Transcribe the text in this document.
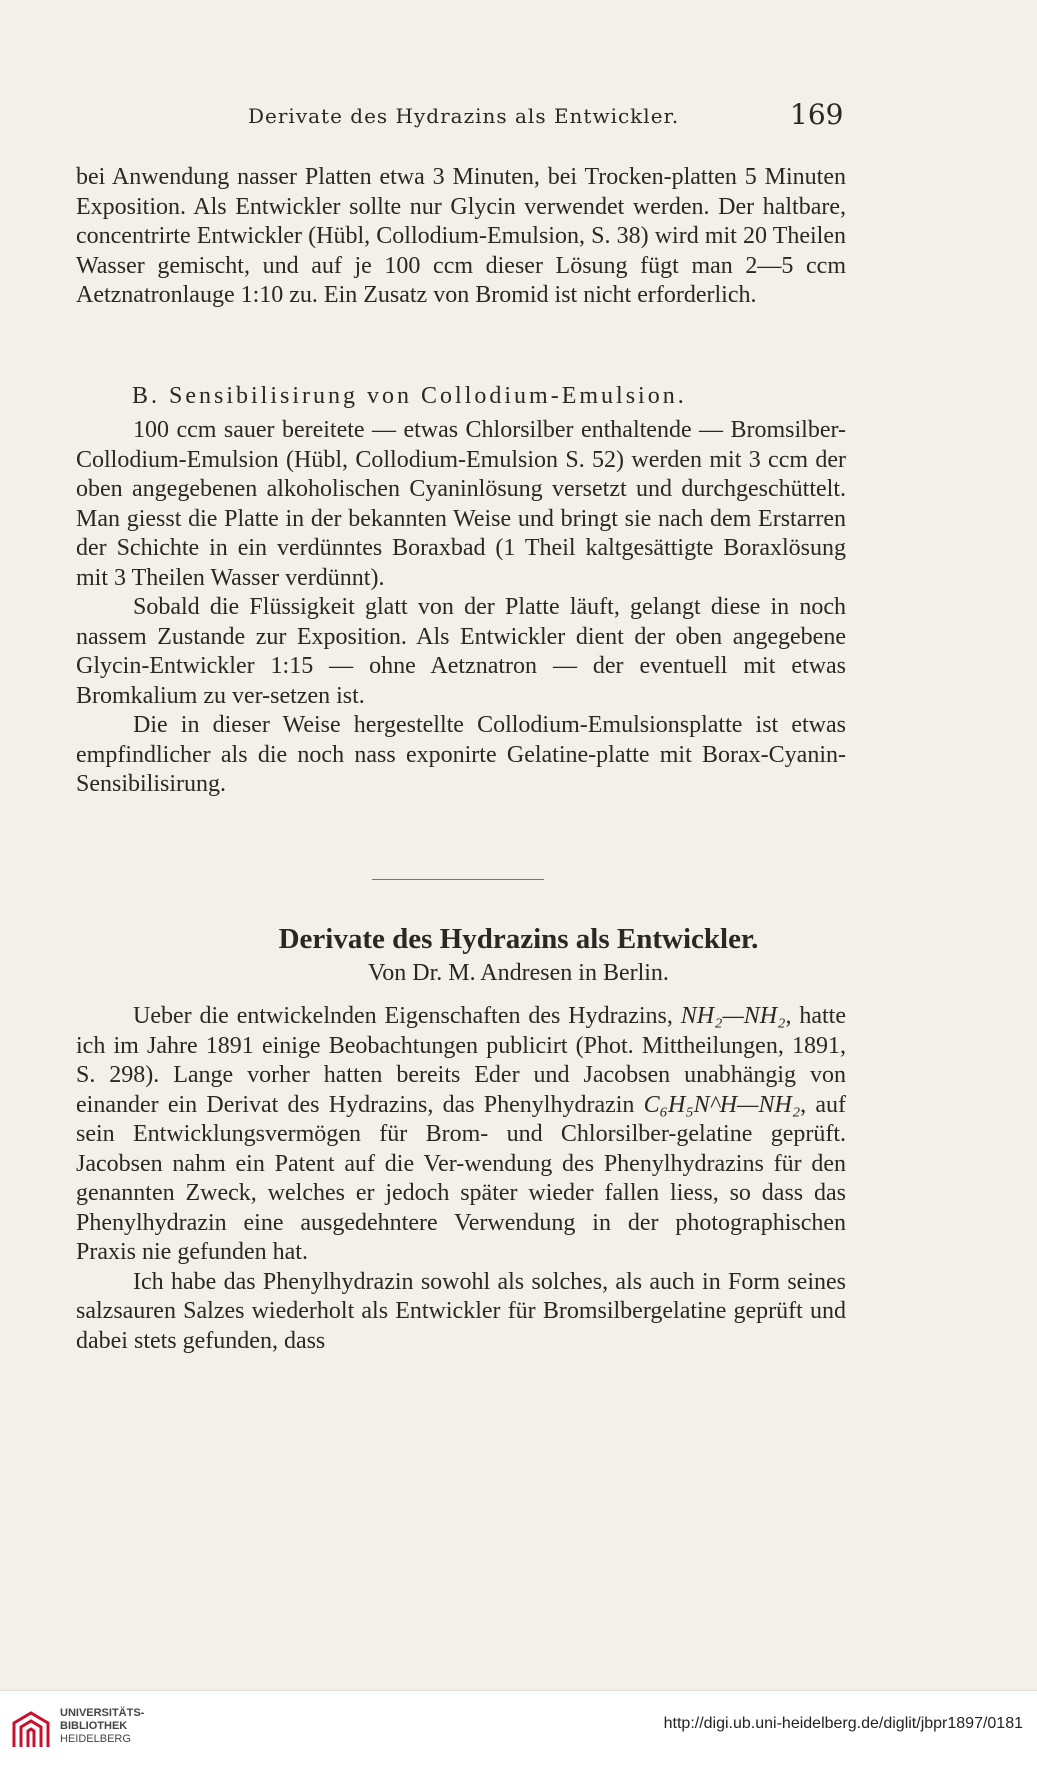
Derivate des Hydrazins als Entwickler.	169

bei Anwendung nasser Platten etwa 3 Minuten, bei Trocken-platten 5 Minuten Exposition. Als Entwickler sollte nur Glycin verwendet werden. Der haltbare, concentrirte Entwickler (Hübl, Collodium-Emulsion, S. 38) wird mit 20 Theilen Wasser gemischt, und auf je 100 ccm dieser Lösung fügt man 2—5 ccm Aetznatronlauge 1:10 zu. Ein Zusatz von Bromid ist nicht erforderlich.

B. Sensibilisirung von Collodium-Emulsion.

100 ccm sauer bereitete — etwas Chlorsilber enthaltende — Bromsilber-Collodium-Emulsion (Hübl, Collodium-Emulsion S. 52) werden mit 3 ccm der oben angegebenen alkoholischen Cyaninlösung versetzt und durchgeschüttelt. Man giesst die Platte in der bekannten Weise und bringt sie nach dem Erstarren der Schichte in ein verdünntes Boraxbad (1 Theil kaltgesättigte Boraxlösung mit 3 Theilen Wasser verdünnt).

Sobald die Flüssigkeit glatt von der Platte läuft, gelangt diese in noch nassem Zustande zur Exposition. Als Entwickler dient der oben angegebene Glycin-Entwickler 1:15 — ohne Aetznatron — der eventuell mit etwas Bromkalium zu ver-setzen ist.

Die in dieser Weise hergestellte Collodium-Emulsionsplatte ist etwas empfindlicher als die noch nass exponirte Gelatine-platte mit Borax-Cyanin-Sensibilisirung.

Derivate des Hydrazins als Entwickler.
Von Dr. M. Andresen in Berlin.

Ueber die entwickelnden Eigenschaften des Hydrazins, NH₂—NH₂, hatte ich im Jahre 1891 einige Beobachtungen publicirt (Phot. Mittheilungen, 1891, S. 298). Lange vorher hatten bereits Eder und Jacobsen unabhängig von einander ein Derivat des Hydrazins, das Phenylhydrazin C₆H₅N^H—NH₂, auf sein Entwicklungsvermögen für Brom- und Chlorsilber-gelatine geprüft. Jacobsen nahm ein Patent auf die Ver-wendung des Phenylhydrazins für den genannten Zweck, welches er jedoch später wieder fallen liess, so dass das Phenylhydrazin eine ausgedehntere Verwendung in der photographischen Praxis nie gefunden hat.

Ich habe das Phenylhydrazin sowohl als solches, als auch in Form seines salzsauren Salzes wiederholt als Entwickler für Bromsilbergelatine geprüft und dabei stets gefunden, dass

UNIVERSITÄTS-
BIBLIOTHEK
HEIDELBERG
http://digi.ub.uni-heidelberg.de/diglit/jbpr1897/0181
